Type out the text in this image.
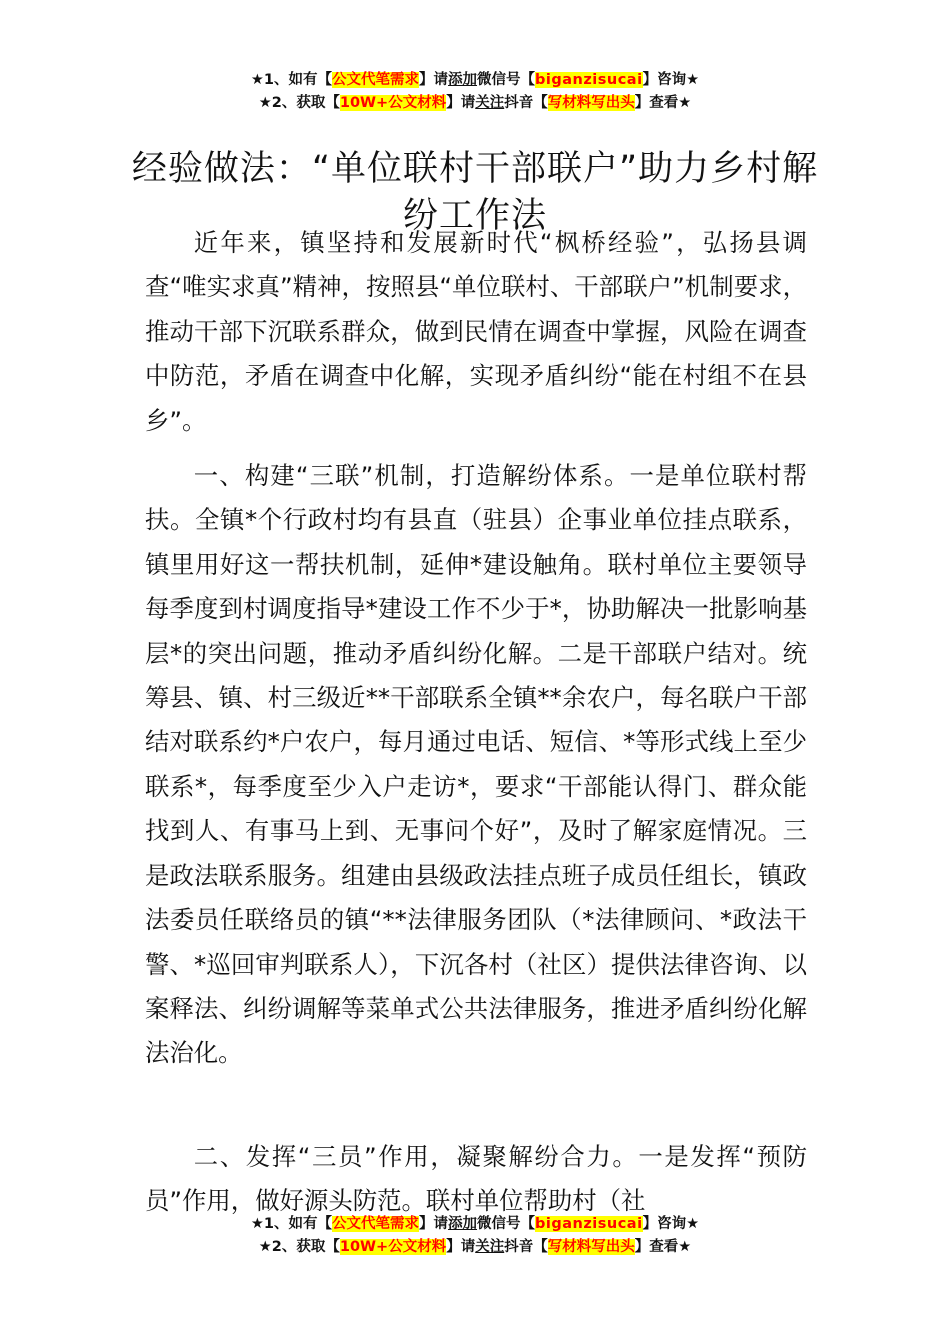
★1、如有【公文代笔需求】请添加微信号【biganzisucai】咨询★
★2、获取【10W+公文材料】请关注抖音【写材料写出头】查看★
经验做法：“单位联村干部联户”助力乡村解纷工作法

近年来，镇坚持和发展新时代“枫桥经验”，弘扬县调查“唯实求真”精神，按照县“单位联村、干部联户”机制要求，推动干部下沉联系群众，做到民情在调查中掌握，风险在调查中防范，矛盾在调查中化解，实现矛盾纠纷“能在村组不在县乡”。

一、构建“三联”机制，打造解纷体系。一是单位联村帮扶。全镇*个行政村均有县直（驻县）企事业单位挂点联系，镇里用好这一帮扶机制，延伸*建设触角。联村单位主要领导每季度到村调度指导*建设工作不少于*，协助解决一批影响基层*的突出问题，推动矛盾纠纷化解。二是干部联户结对。统筹县、镇、村三级近**干部联系全镇**余农户，每名联户干部结对联系约*户农户，每月通过电话、短信、*等形式线上至少联系*，每季度至少入户走访*，要求“干部能认得门、群众能找到人、有事马上到、无事问个好”，及时了解家庭情况。三是政法联系服务。组建由县级政法挂点班子成员任组长，镇政法委员任联络员的镇“**法律服务团队（*法律顾问、*政法干警、*巡回审判联系人），下沉各村（社区）提供法律咨询、以案释法、纠纷调解等菜单式公共法律服务，推进矛盾纠纷化解法治化。

二、发挥“三员”作用，凝聚解纷合力。一是发挥“预防员”作用，做好源头防范。联村单位帮助村（社

★1、如有【公文代笔需求】请添加微信号【biganzisucai】咨询★
★2、获取【10W+公文材料】请关注抖音【写材料写出头】查看★
